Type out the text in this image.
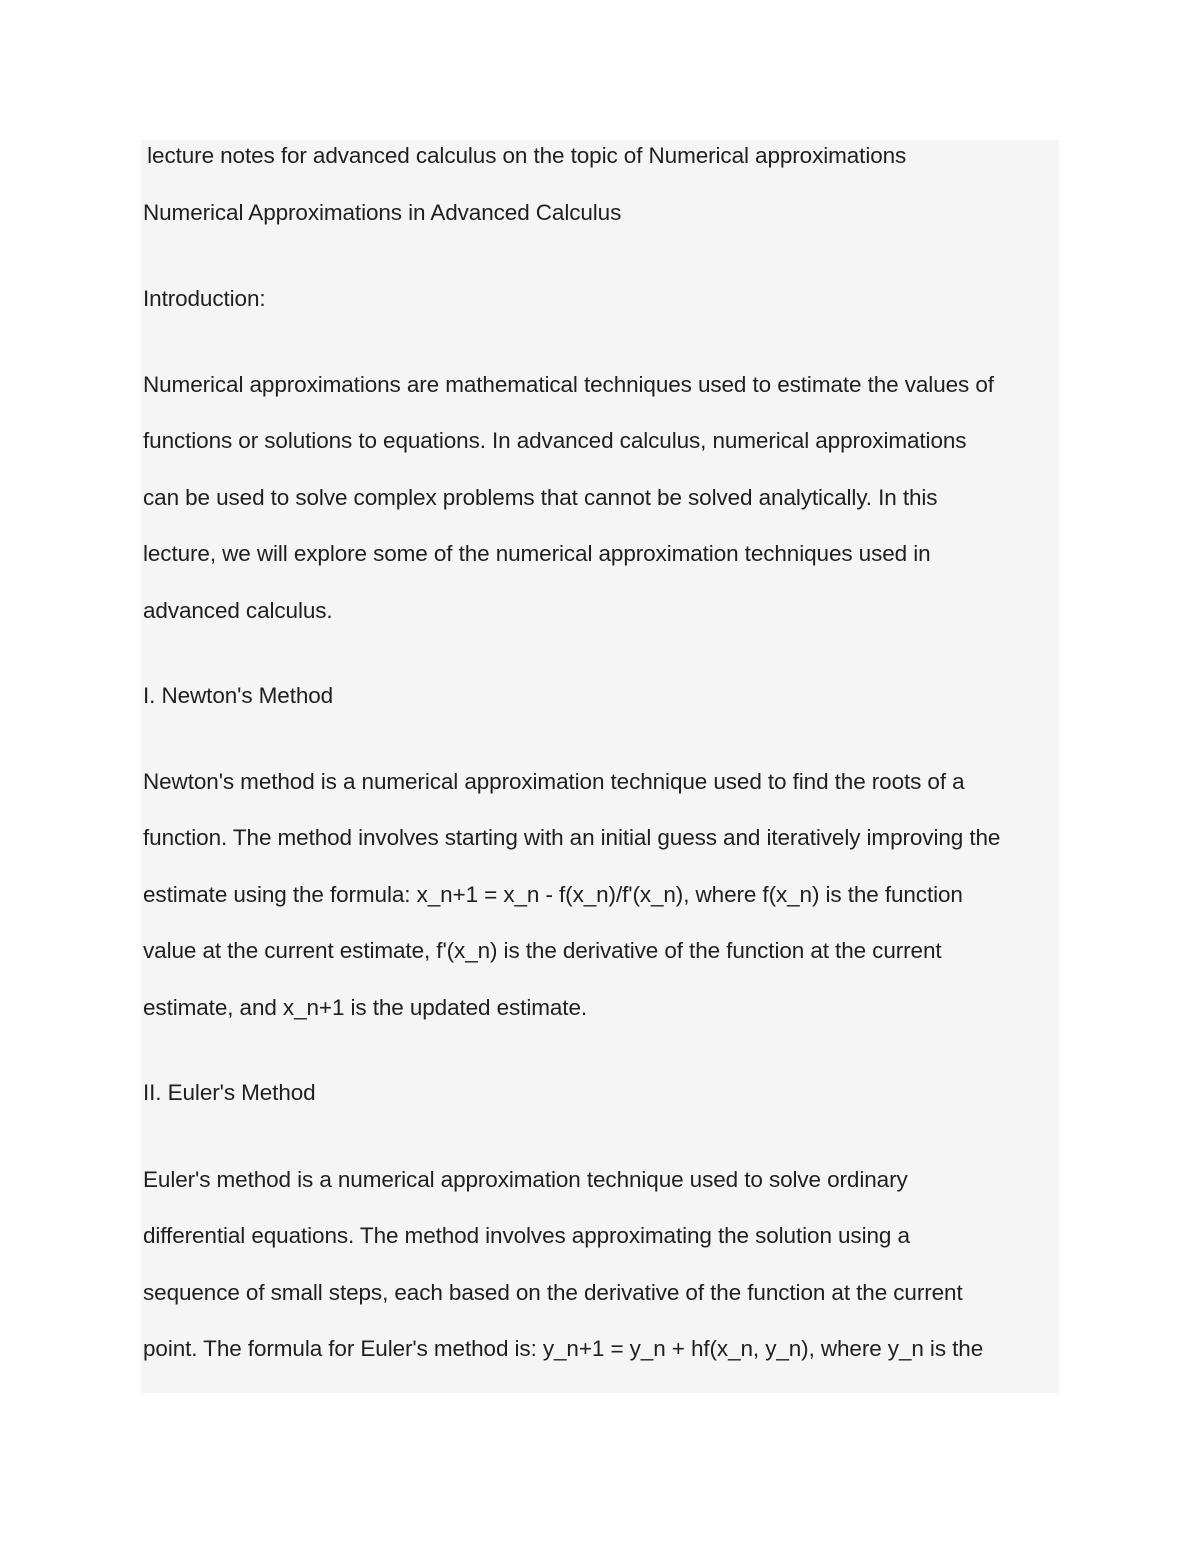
lecture notes for advanced calculus on the topic of Numerical approximations

Numerical Approximations in Advanced Calculus

Introduction:

Numerical approximations are mathematical techniques used to estimate the values of

functions or solutions to equations. In advanced calculus, numerical approximations

can be used to solve complex problems that cannot be solved analytically. In this

lecture, we will explore some of the numerical approximation techniques used in

advanced calculus.

I. Newton's Method

Newton's method is a numerical approximation technique used to find the roots of a

function. The method involves starting with an initial guess and iteratively improving the

estimate using the formula: x_n+1 = x_n - f(x_n)/f'(x_n), where f(x_n) is the function

value at the current estimate, f'(x_n) is the derivative of the function at the current

estimate, and x_n+1 is the updated estimate.

II. Euler's Method

Euler's method is a numerical approximation technique used to solve ordinary

differential equations. The method involves approximating the solution using a

sequence of small steps, each based on the derivative of the function at the current

point. The formula for Euler's method is: y_n+1 = y_n + hf(x_n, y_n), where y_n is the
